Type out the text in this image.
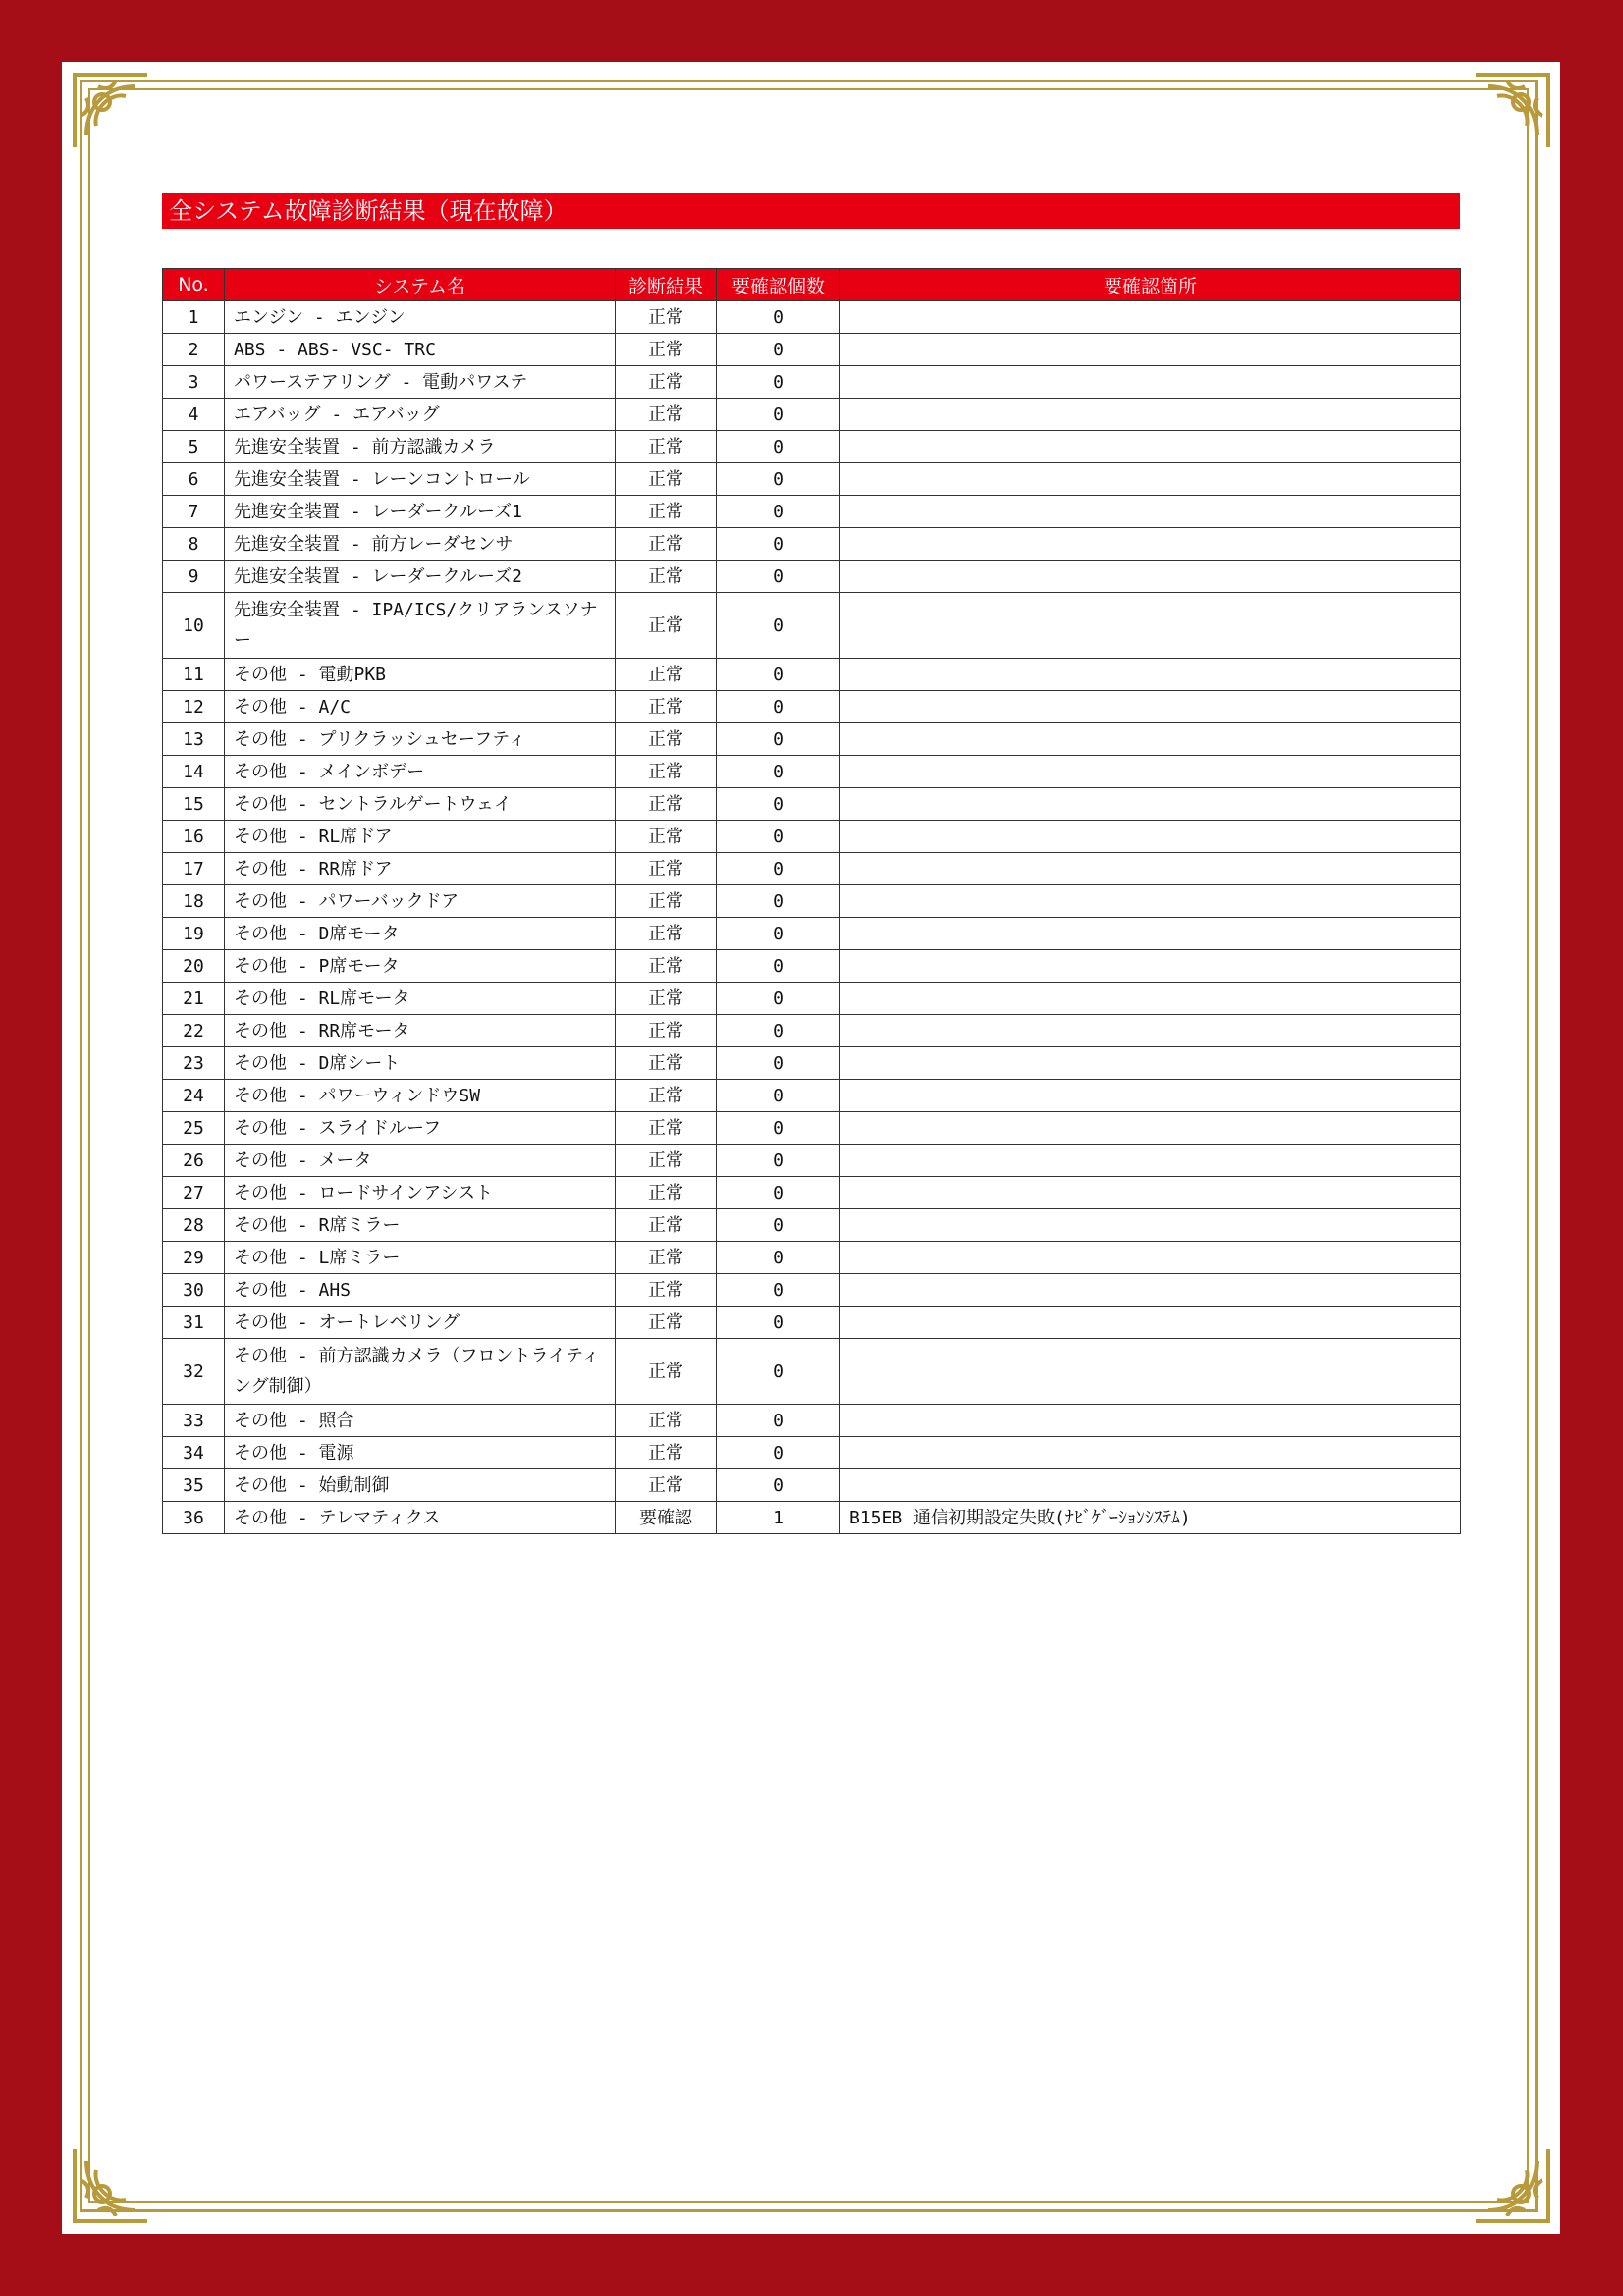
全システム故障診断結果（現在故障）
No.	システム名	診断結果	要確認個数	要確認箇所
1	エンジン - エンジン	正常	0	
2	ABS - ABS- VSC- TRC	正常	0	
3	パワーステアリング - 電動パワステ	正常	0	
4	エアバッグ - エアバッグ	正常	0	
5	先進安全装置 - 前方認識カメラ	正常	0	
6	先進安全装置 - レーンコントロール	正常	0	
7	先進安全装置 - レーダークルーズ1	正常	0	
8	先進安全装置 - 前方レーダセンサ	正常	0	
9	先進安全装置 - レーダークルーズ2	正常	0	
10	先進安全装置 - IPA/ICS/クリアランスソナー	正常	0	
11	その他 - 電動PKB	正常	0	
12	その他 - A/C	正常	0	
13	その他 - プリクラッシュセーフティ	正常	0	
14	その他 - メインボデー	正常	0	
15	その他 - セントラルゲートウェイ	正常	0	
16	その他 - RL席ドア	正常	0	
17	その他 - RR席ドア	正常	0	
18	その他 - パワーバックドア	正常	0	
19	その他 - D席モータ	正常	0	
20	その他 - P席モータ	正常	0	
21	その他 - RL席モータ	正常	0	
22	その他 - RR席モータ	正常	0	
23	その他 - D席シート	正常	0	
24	その他 - パワーウィンドウSW	正常	0	
25	その他 - スライドルーフ	正常	0	
26	その他 - メータ	正常	0	
27	その他 - ロードサインアシスト	正常	0	
28	その他 - R席ミラー	正常	0	
29	その他 - L席ミラー	正常	0	
30	その他 - AHS	正常	0	
31	その他 - オートレベリング	正常	0	
32	その他 - 前方認識カメラ（フロントライティング制御）	正常	0	
33	その他 - 照合	正常	0	
34	その他 - 電源	正常	0	
35	その他 - 始動制御	正常	0	
36	その他 - テレマティクス	要確認	1	B15EB 通信初期設定失敗(ﾅﾋﾞｹﾞｰｼｮﾝｼｽﾃﾑ)
